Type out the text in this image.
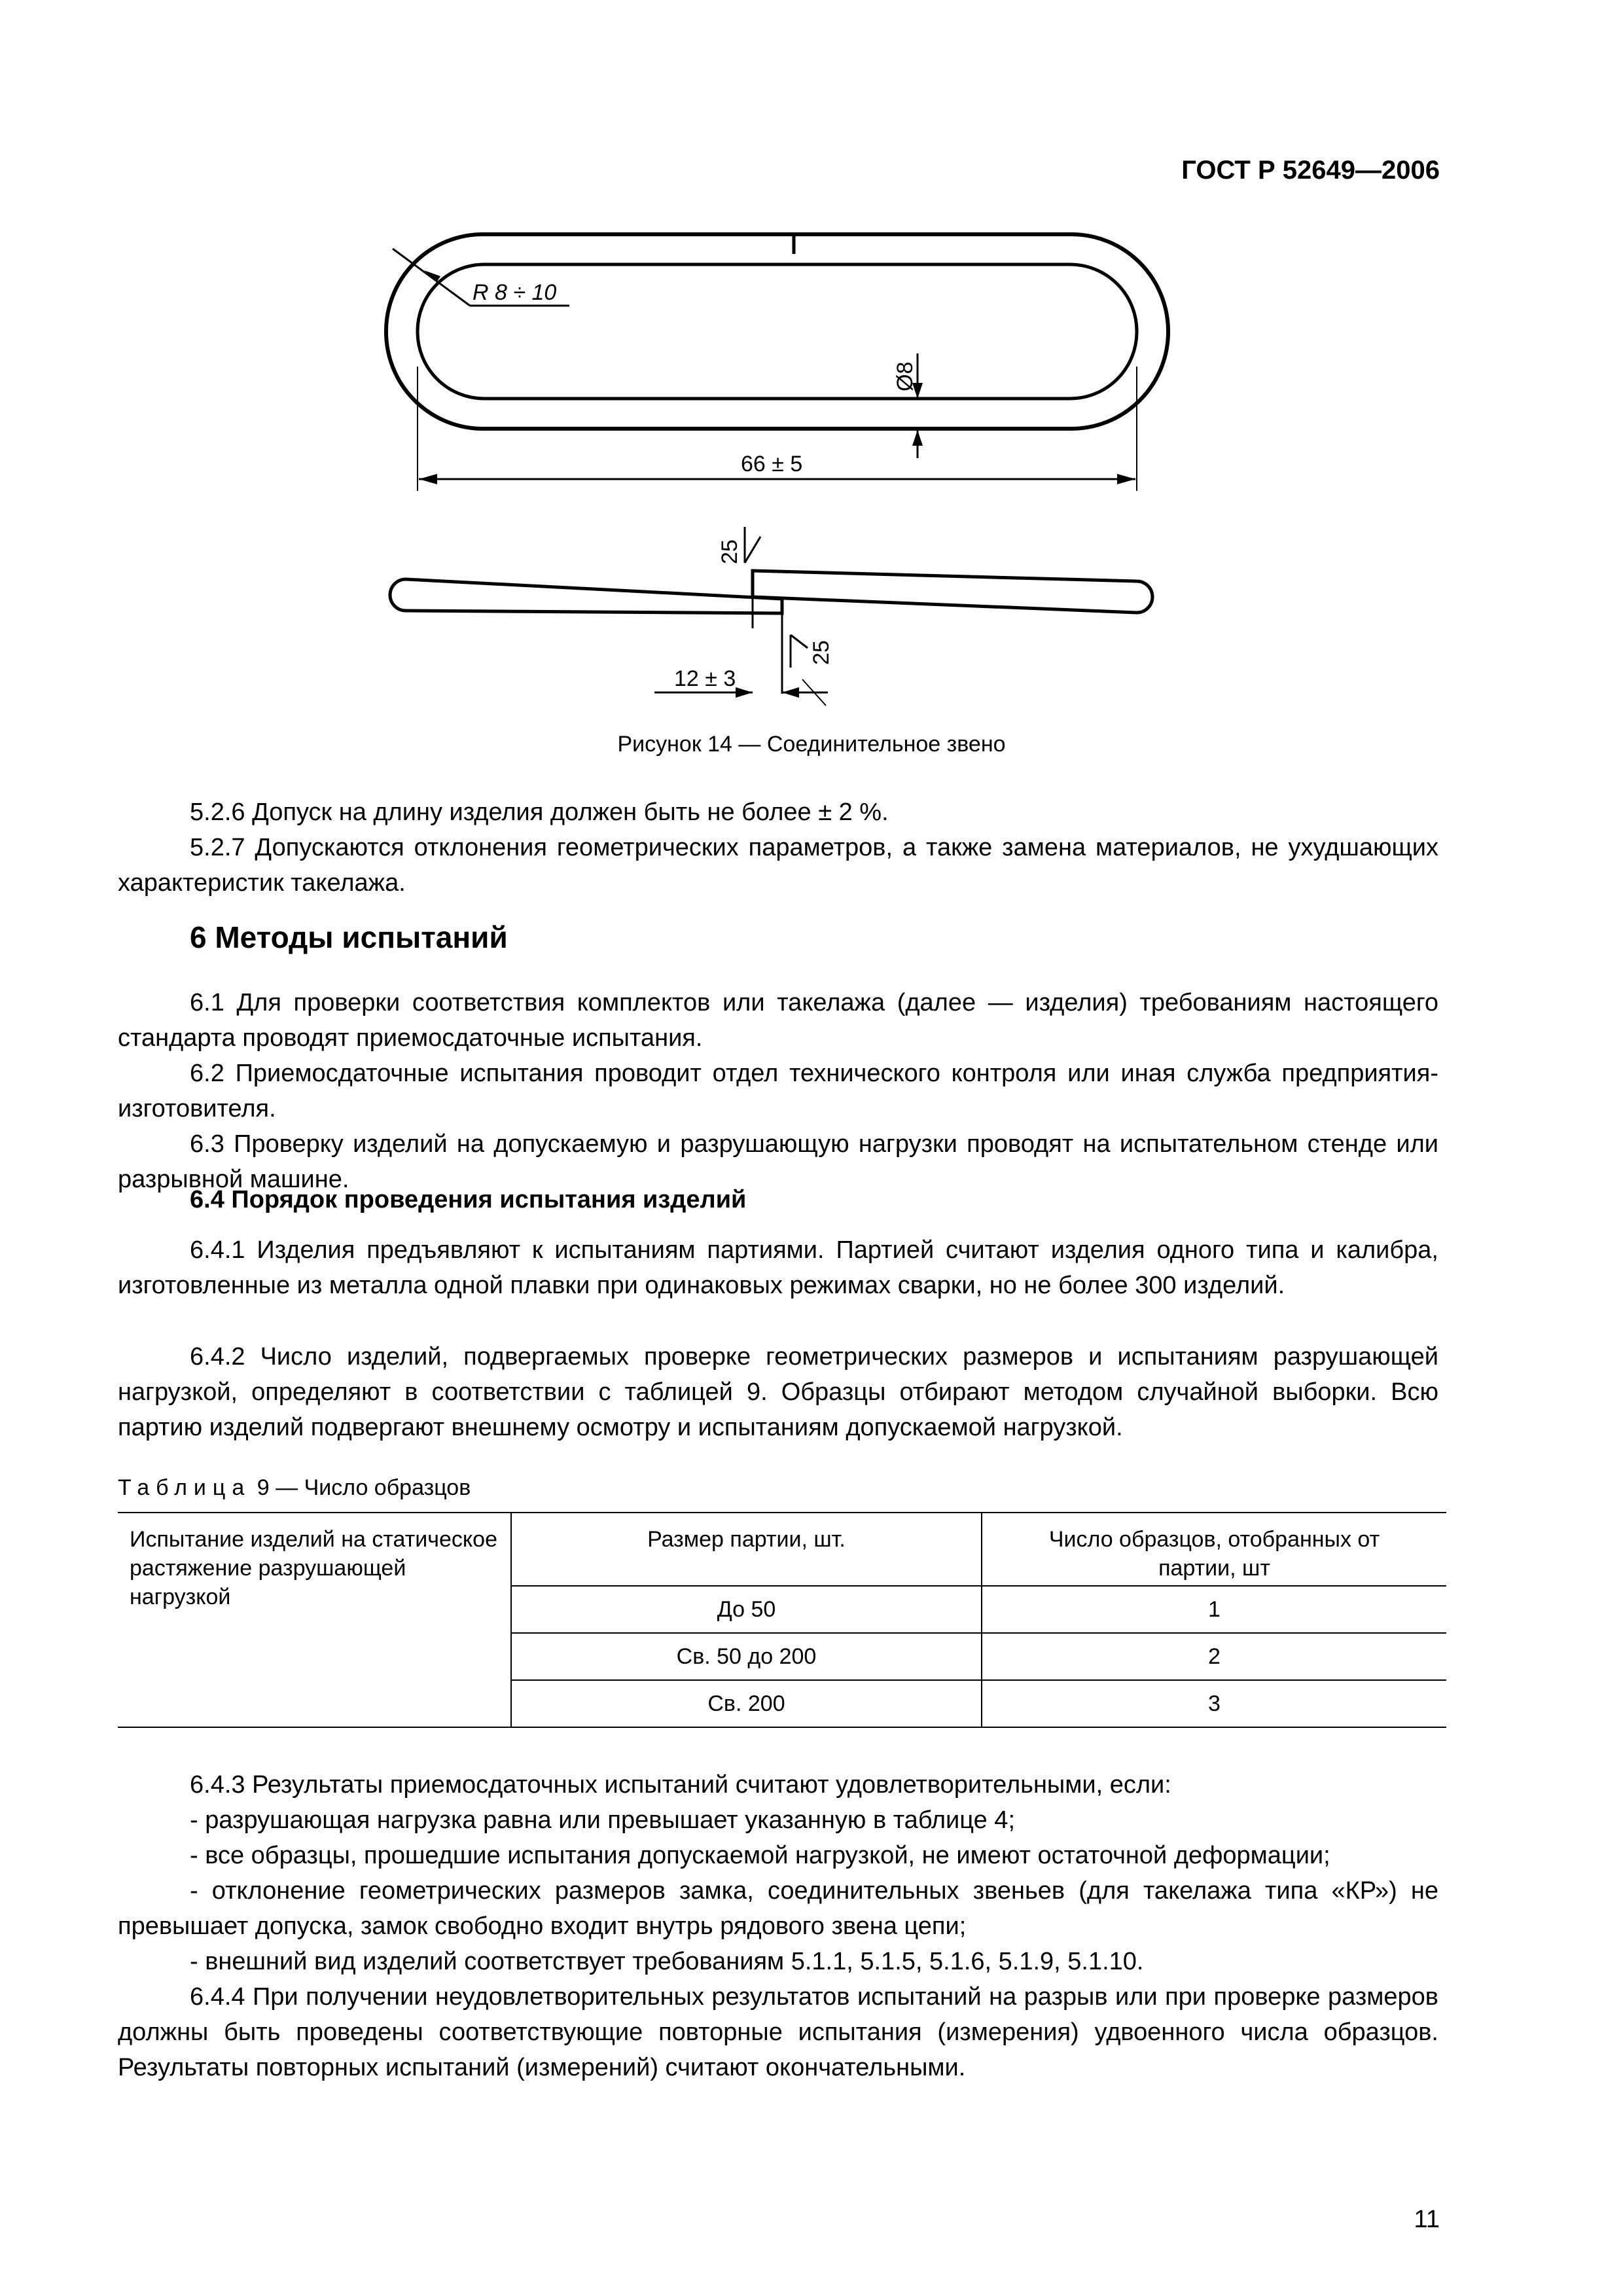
ГОСТ Р 52649—2006
R 8 ÷ 10
Ø8
66 ± 5
25
25
12 ± 3
Рисунок 14 — Соединительное звено
5.2.6 Допуск на длину изделия должен быть не более ± 2 %.
5.2.7 Допускаются отклонения геометрических параметров, а также замена материалов, не ухудшающих характеристик такелажа.
6 Методы испытаний
6.1 Для проверки соответствия комплектов или такелажа (далее — изделия) требованиям настоящего стандарта проводят приемосдаточные испытания.
6.2 Приемосдаточные испытания проводит отдел технического контроля или иная служба предприятия-изготовителя.
6.3 Проверку изделий на допускаемую и разрушающую нагрузки проводят на испытательном стенде или разрывной машине.
6.4 Порядок проведения испытания изделий
6.4.1 Изделия предъявляют к испытаниям партиями. Партией считают изделия одного типа и калибра, изготовленные из металла одной плавки при одинаковых режимах сварки, но не более 300 изделий.
6.4.2 Число изделий, подвергаемых проверке геометрических размеров и испытаниям разрушающей нагрузкой, определяют в соответствии с таблицей 9. Образцы отбирают методом случайной выборки. Всю партию изделий подвергают внешнему осмотру и испытаниям допускаемой нагрузкой.
Таблица 9 — Число образцов
Испытание изделий на статическое растяжение разрушающей нагрузкой	Размер партии, шт.	Число образцов, отобранных от партии, шт

	До 50	1
	Св. 50 до 200	2
	Св. 200	3
6.4.3 Результаты приемосдаточных испытаний считают удовлетворительными, если:
- разрушающая нагрузка равна или превышает указанную в таблице 4;
- все образцы, прошедшие испытания допускаемой нагрузкой, не имеют остаточной деформации;
- отклонение геометрических размеров замка, соединительных звеньев (для такелажа типа «КР») не превышает допуска, замок свободно входит внутрь рядового звена цепи;
- внешний вид изделий соответствует требованиям 5.1.1, 5.1.5, 5.1.6, 5.1.9, 5.1.10.
6.4.4 При получении неудовлетворительных результатов испытаний на разрыв или при проверке размеров должны быть проведены соответствующие повторные испытания (измерения) удвоенного числа образцов. Результаты повторных испытаний (измерений) считают окончательными.
11
